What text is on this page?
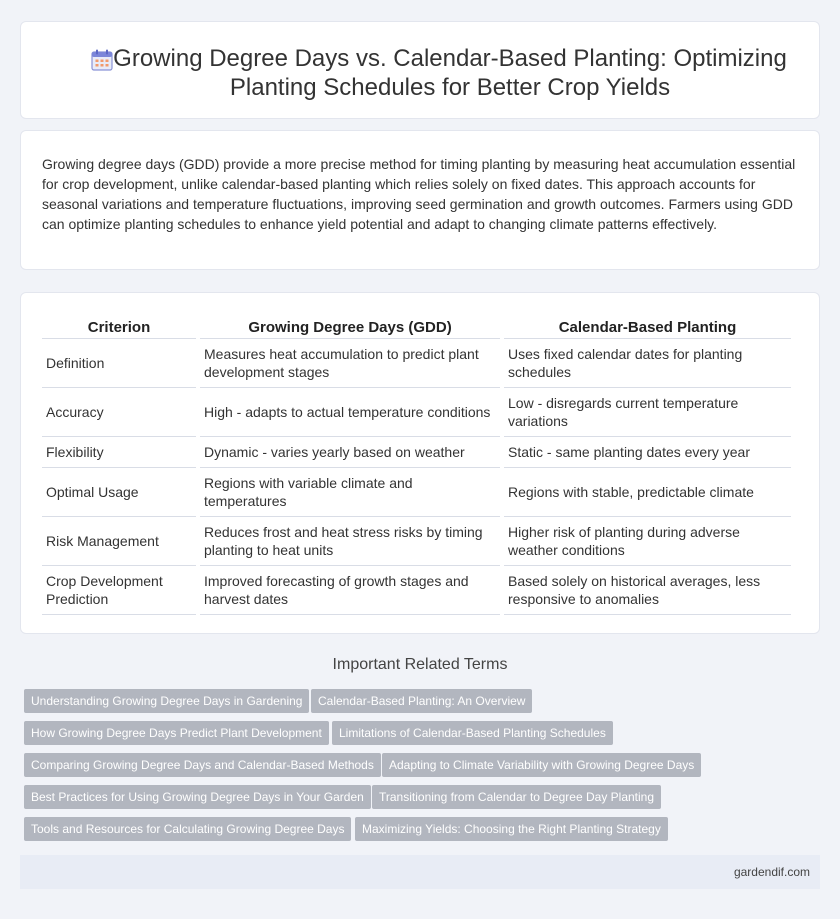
Growing Degree Days vs. Calendar-Based Planting: Optimizing Planting Schedules for Better Crop Yields

Growing degree days (GDD) provide a more precise method for timing planting by measuring heat accumulation essential for crop development, unlike calendar-based planting which relies solely on fixed dates. This approach accounts for seasonal variations and temperature fluctuations, improving seed germination and growth outcomes. Farmers using GDD can optimize planting schedules to enhance yield potential and adapt to changing climate patterns effectively.

Criterion	Growing Degree Days (GDD)	Calendar-Based Planting
Definition	Measures heat accumulation to predict plant development stages	Uses fixed calendar dates for planting schedules
Accuracy	High - adapts to actual temperature conditions	Low - disregards current temperature variations
Flexibility	Dynamic - varies yearly based on weather	Static - same planting dates every year
Optimal Usage	Regions with variable climate and temperatures	Regions with stable, predictable climate
Risk Management	Reduces frost and heat stress risks by timing planting to heat units	Higher risk of planting during adverse weather conditions
Crop Development Prediction	Improved forecasting of growth stages and harvest dates	Based solely on historical averages, less responsive to anomalies
Important Related Terms
Understanding Growing Degree Days in Gardening	Calendar-Based Planting: An Overview
How Growing Degree Days Predict Plant Development	Limitations of Calendar-Based Planting Schedules
Comparing Growing Degree Days and Calendar-Based Methods	Adapting to Climate Variability with Growing Degree Days
Best Practices for Using Growing Degree Days in Your Garden	Transitioning from Calendar to Degree Day Planting
Tools and Resources for Calculating Growing Degree Days	Maximizing Yields: Choosing the Right Planting Strategy
gardendif.com
